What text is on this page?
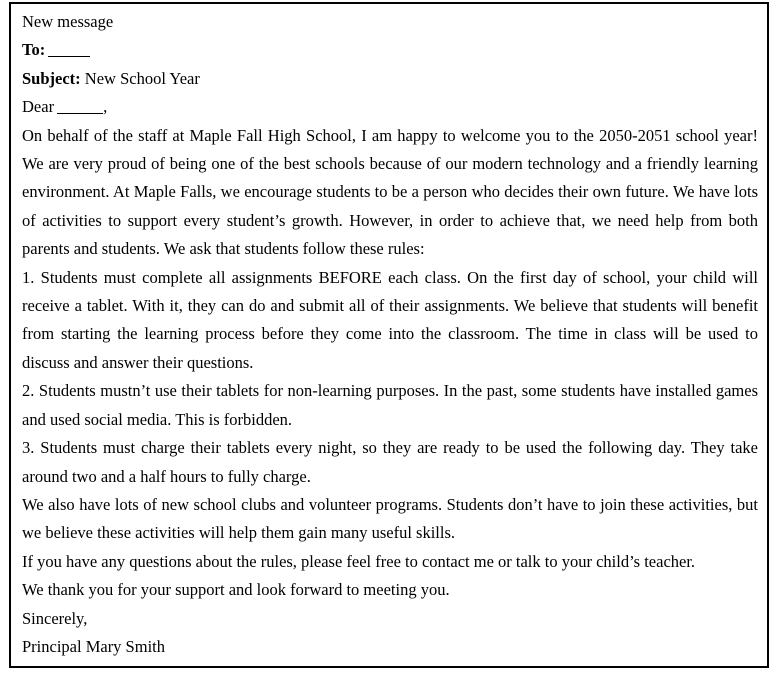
New message
To:
Subject: New School Year
Dear	,

On behalf of the staff at Maple Fall High School, I am happy to welcome you to the 2050-2051 school year! We are very proud of being one of the best schools because of our modern technology and a friendly learning environment. At Maple Falls, we encourage students to be a person who decides their own future. We have lots of activities to support every student’s growth. However, in order to achieve that, we need help from both parents and students. We ask that students follow these rules:

1. Students must complete all assignments BEFORE each class. On the first day of school, your child will receive a tablet. With it, they can do and submit all of their assignments. We believe that students will benefit from starting the learning process before they come into the classroom. The time in class will be used to discuss and answer their questions.

2. Students mustn’t use their tablets for non-learning purposes. In the past, some students have installed games and used social media. This is forbidden.

3. Students must charge their tablets every night, so they are ready to be used the following day. They take around two and a half hours to fully charge.

We also have lots of new school clubs and volunteer programs. Students don’t have to join these activities, but we believe these activities will help them gain many useful skills.

If you have any questions about the rules, please feel free to contact me or talk to your child’s teacher.

We thank you for your support and look forward to meeting you.

Sincerely,

Principal Mary Smith
